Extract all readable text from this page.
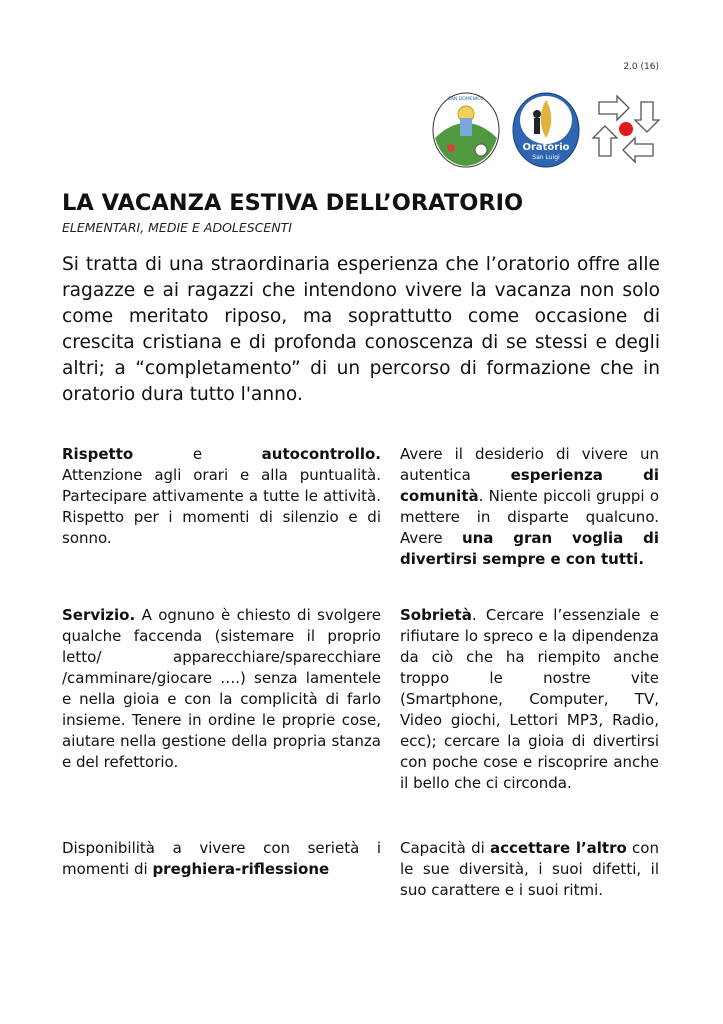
2.0 (16)
SAN DOMENICO
Oratorio
San Luigi
LA VACANZA ESTIVA DELL’ORATORIO
ELEMENTARI, MEDIE E ADOLESCENTI

Si tratta di una straordinaria esperienza che l’oratorio offre alle ragazze e ai ragazzi che intendono vivere la vacanza non solo come meritato riposo, ma soprattutto come occasione di crescita cristiana e di profonda conoscenza di se stessi e degli altri; a “completamento” di un percorso di formazione che in oratorio dura tutto l'anno.

Rispetto	e	autocontrollo.
Attenzione agli orari e alla puntualità. Partecipare attivamente a tutte le attività. Rispetto per i momenti di silenzio e di sonno.
Avere il desiderio di vivere un autentica	esperienza di comunità. Niente piccoli gruppi o mettere in disparte qualcuno. Avere una gran voglia di divertirsi sempre e con tutti.
Servizio. A ognuno è chiesto di svolgere qualche faccenda (sistemare il proprio letto/ apparecchiare/sparecchiare /camminare/giocare ….) senza lamentele e nella gioia e con la complicità di farlo insieme. Tenere in ordine le proprie cose, aiutare nella gestione della propria stanza e del refettorio.
Sobrietà. Cercare l’essenziale e rifiutare lo spreco e la dipendenza da ciò che ha riempito anche troppo le nostre vite (Smartphone, Computer, TV, Video giochi, Lettori MP3, Radio, ecc); cercare la gioia di divertirsi con poche cose e riscoprire anche il bello che ci circonda.
Disponibilità a vivere con serietà i momenti di preghiera-riflessione
Capacità di accettare l’altro con le sue diversità, i suoi difetti, il suo carattere e i suoi ritmi.
